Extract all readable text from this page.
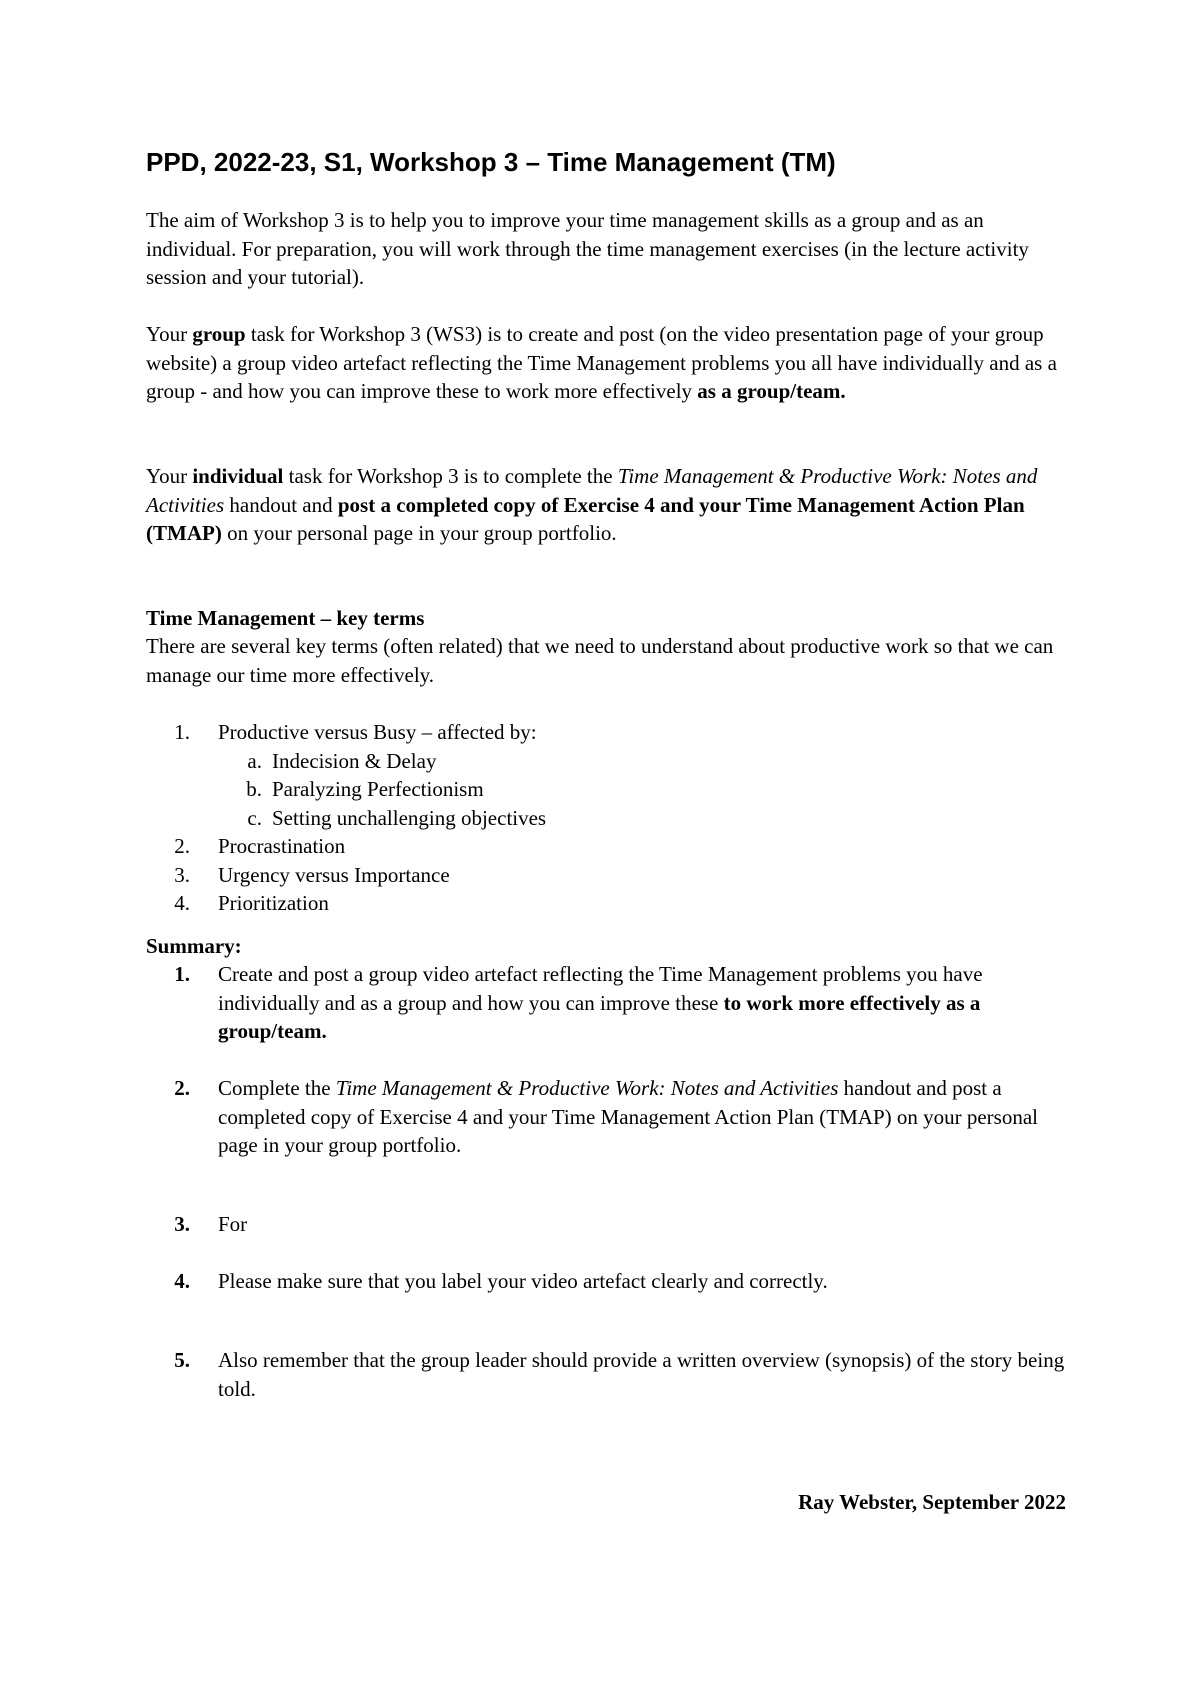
PPD, 2022-23, S1, Workshop 3 – Time Management (TM)

The aim of Workshop 3 is to help you to improve your time management skills as a group and as an individual. For preparation, you will work through the time management exercises (in the lecture activity session and your tutorial).

Your group task for Workshop 3 (WS3) is to create and post (on the video presentation page of your group website) a group video artefact reflecting the Time Management problems you all have individually and as a group - and how you can improve these to work more effectively as a group/team.

Your individual task for Workshop 3 is to complete the Time Management & Productive Work: Notes and Activities handout and post a completed copy of Exercise 4 and your Time Management Action Plan (TMAP) on your personal page in your group portfolio.

Time Management – key terms

There are several key terms (often related) that we need to understand about productive work so that we can manage our time more effectively.

1.	Productive versus Busy – affected by:
a. Indecision & Delay
b. Paralyzing Perfectionism
c. Setting unchallenging objectives
2.	Procrastination
3.	Urgency versus Importance
4.	Prioritization

Summary:

1.	Create and post a group video artefact reflecting the Time Management problems you have individually and as a group and how you can improve these to work more effectively as a group/team.
2.	Complete the Time Management & Productive Work: Notes and Activities handout and post a completed copy of Exercise 4 and your Time Management Action Plan (TMAP) on your personal page in your group portfolio.
3.	For
4.	Please make sure that you label your video artefact clearly and correctly.
5.	Also remember that the group leader should provide a written overview (synopsis) of the story being told.

Ray Webster, September 2022
